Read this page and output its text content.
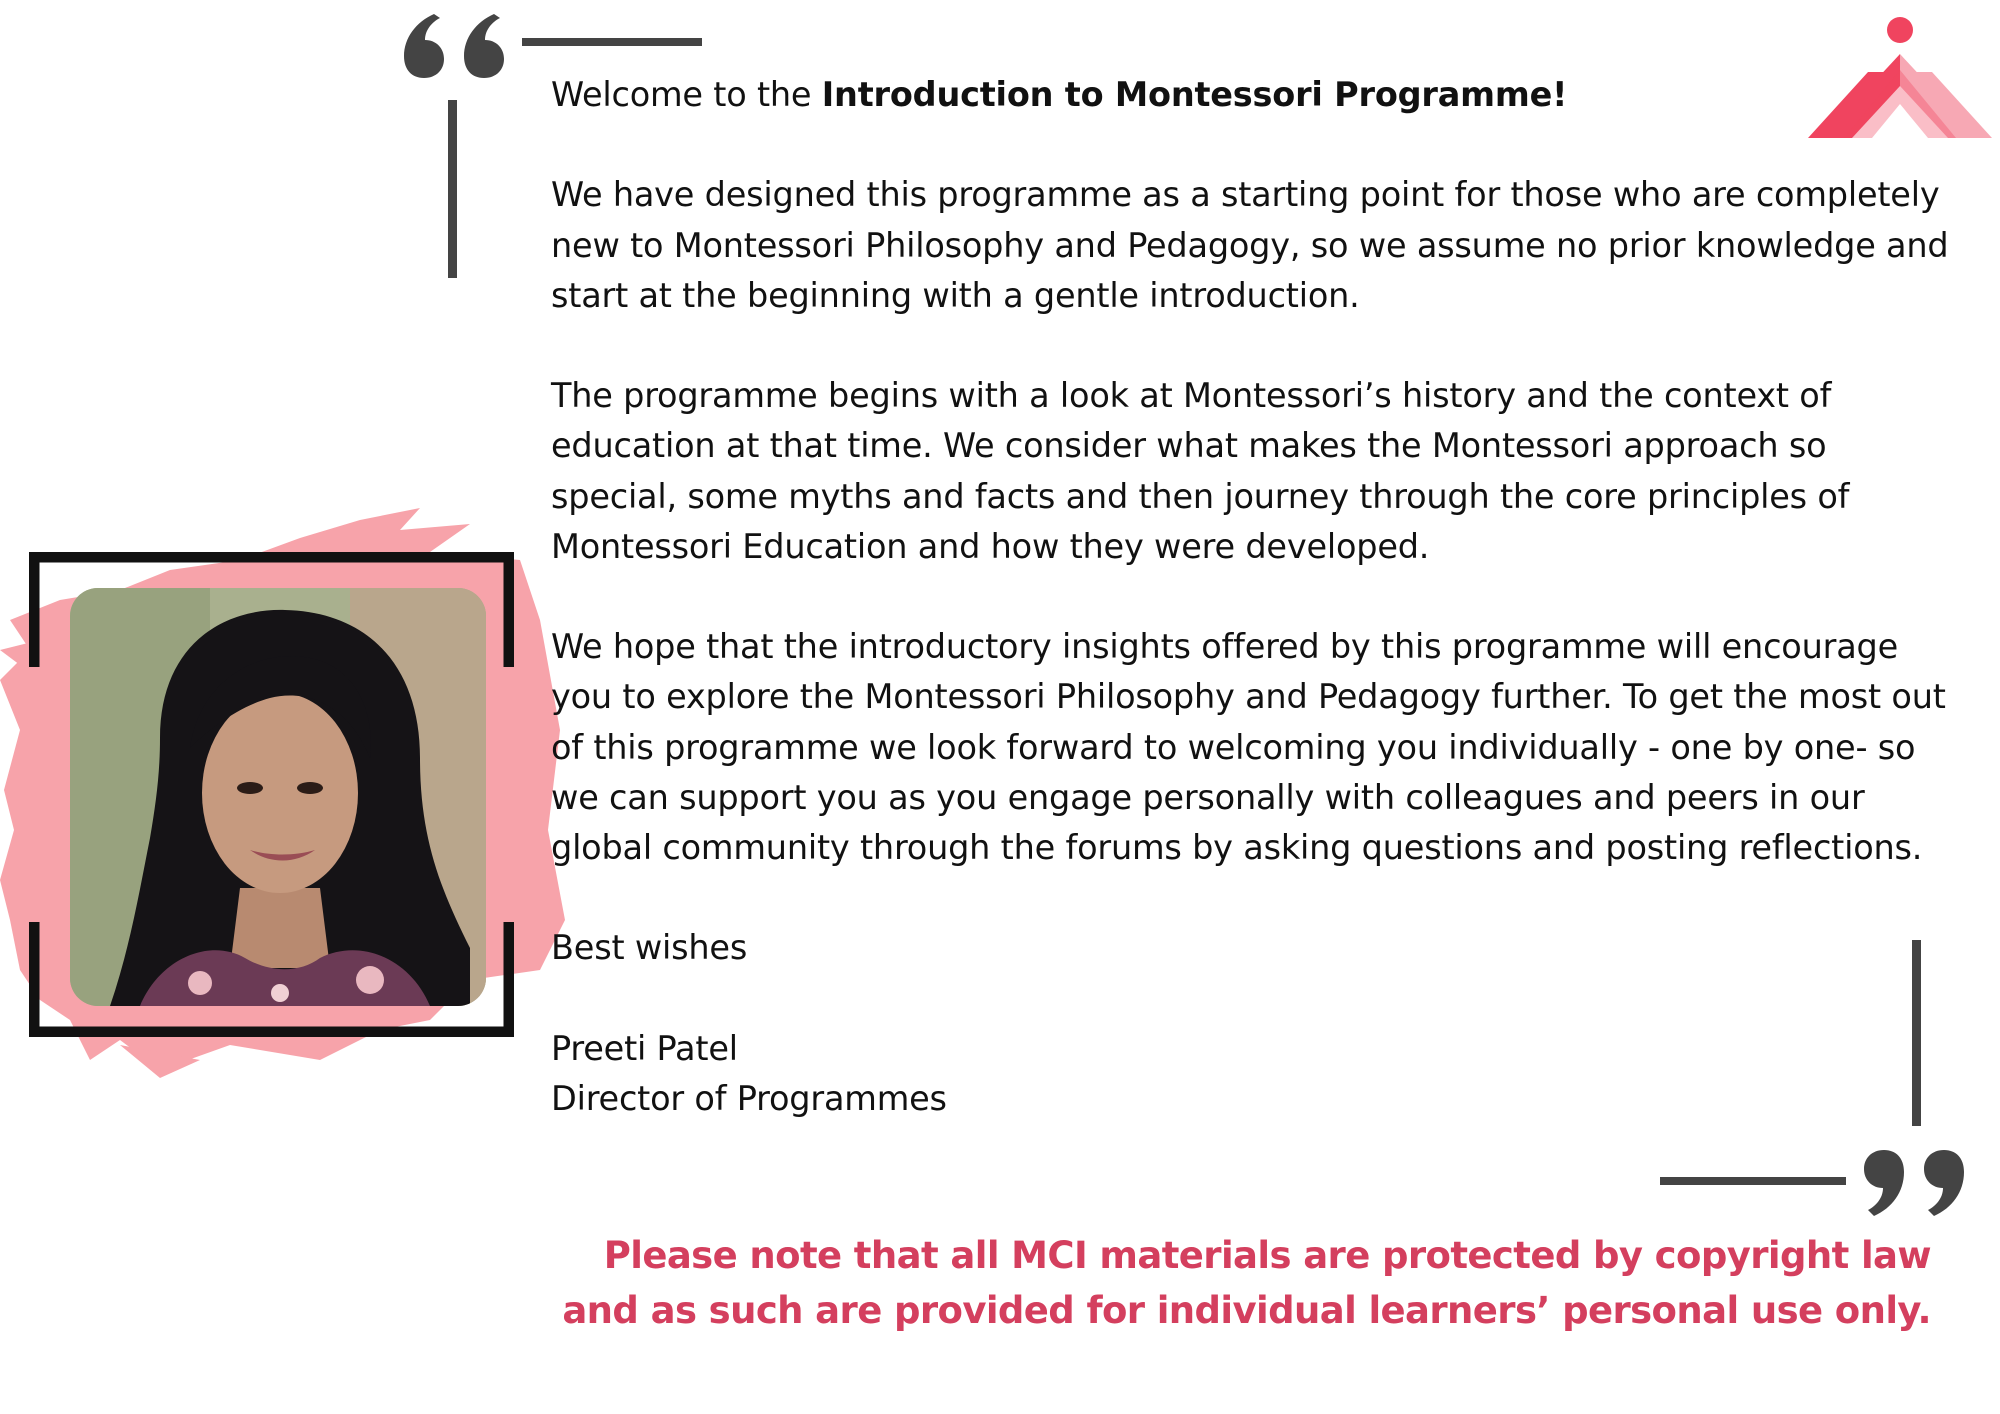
Welcome to the Introduction to Montessori Programme!

We have designed this programme as a starting point for those who are completely new to Montessori Philosophy and Pedagogy, so we assume no prior knowledge and start at the beginning with a gentle introduction.

The programme begins with a look at Montessori’s history and the context of education at that time. We consider what makes the Montessori approach so special, some myths and facts and then journey through the core principles of Montessori Education and how they were developed.

We hope that the introductory insights offered by this programme will encourage you to explore the Montessori Philosophy and Pedagogy further. To get the most out of this programme we look forward to welcoming you individually - one by one- so we can support you as you engage personally with colleagues and peers in our global community through the forums by asking questions and posting reflections.

Best wishes

Preeti Patel

Director of Programmes

Please note that all MCI materials are protected by copyright law
and as such are provided for individual learners’ personal use only.
